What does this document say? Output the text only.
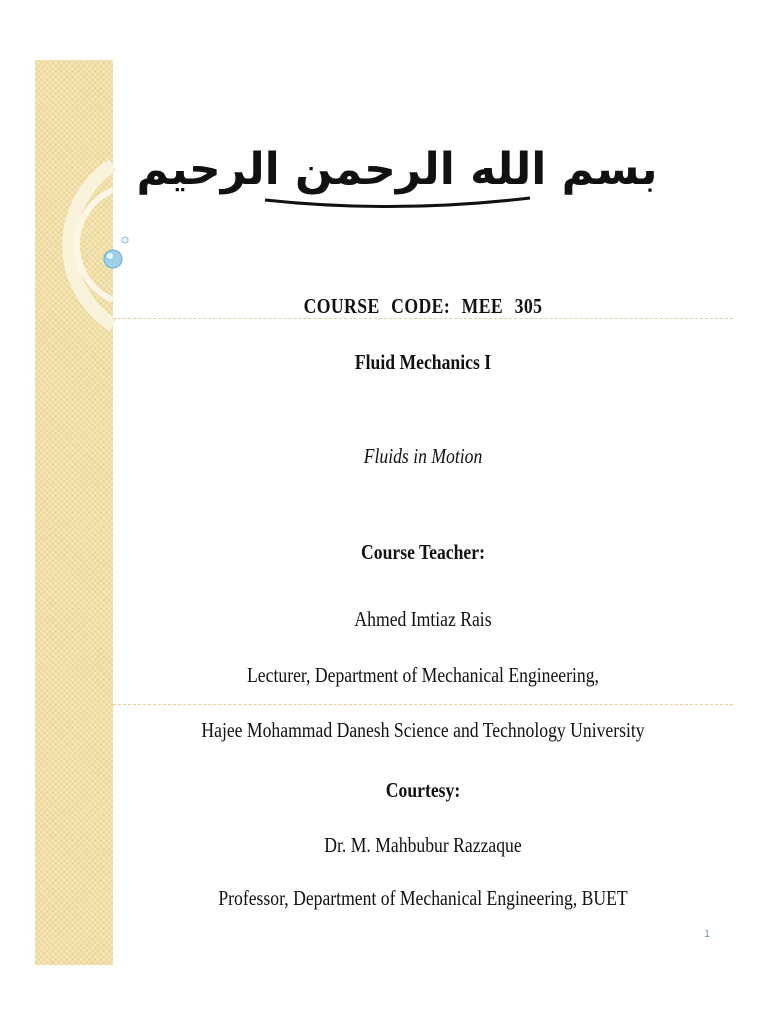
بسم الله الرحمن الرحيم
COURSE CODE: MEE 305
Fluid Mechanics I
Fluids in Motion
Course Teacher:
Ahmed Imtiaz Rais
Lecturer, Department of Mechanical Engineering,
Hajee Mohammad Danesh Science and Technology University
Courtesy:
Dr. M. Mahbubur Razzaque
Professor, Department of Mechanical Engineering, BUET
1
